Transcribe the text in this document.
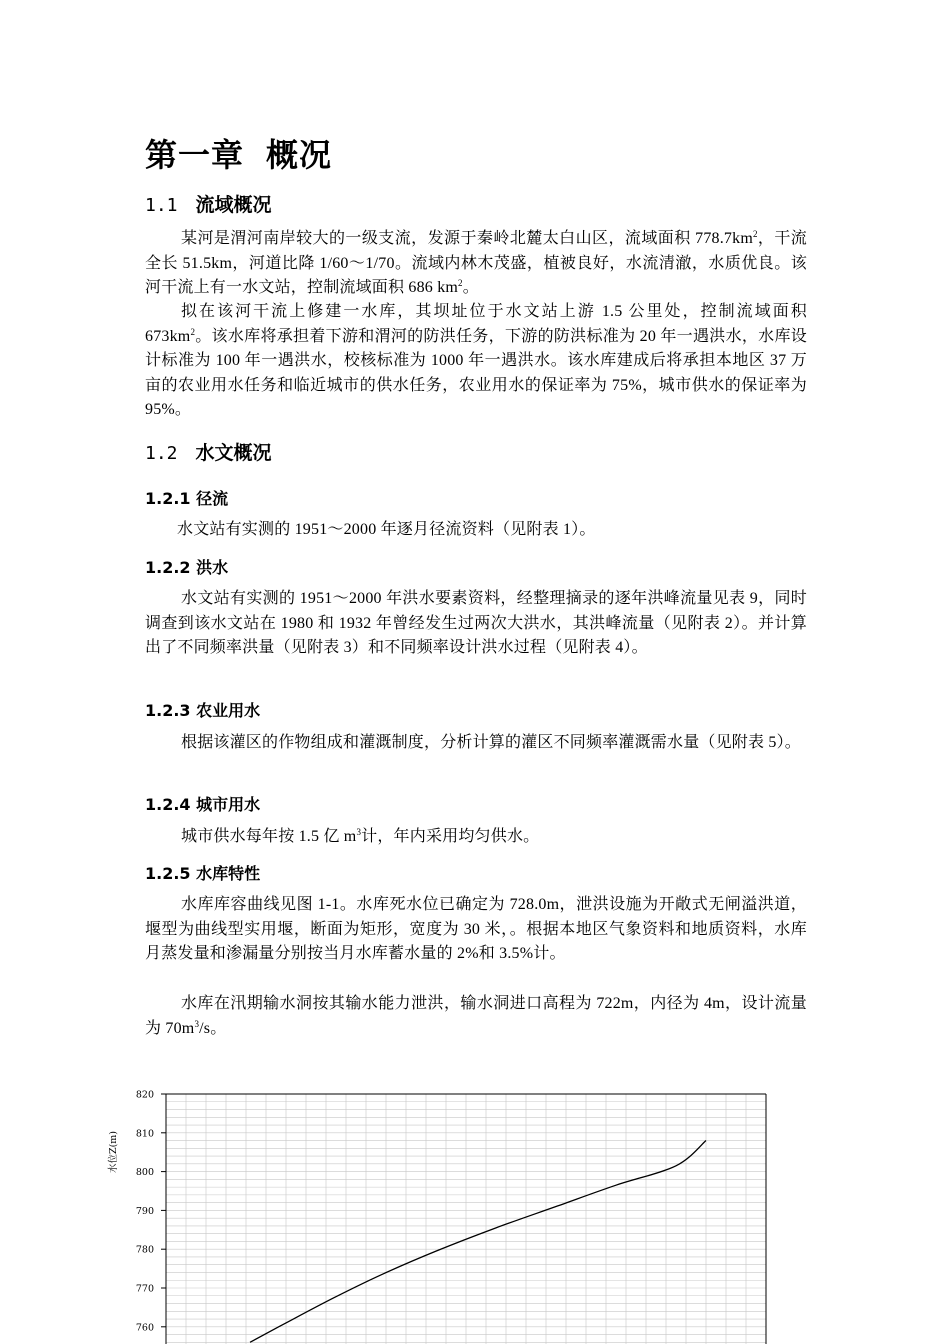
第一章 概况
1.1 流域概况

某河是渭河南岸较大的一级支流，发源于秦岭北麓太白山区，流域面积 $778.7km^2$，干流全长 51.5km，河道比降 1/60～1/70。流域内林木茂盛，植被良好，水流清澈，水质优良。该河干流上有一水文站，控制流域面积 686 $km^2$。

拟在该河干流上修建一水库，其坝址位于水文站上游 1.5 公里处，控制流域面积 $673km^2$。该水库将承担着下游和渭河的防洪任务，下游的防洪标准为 20 年一遇洪水，水库设计标准为 100 年一遇洪水，校核标准为 1000 年一遇洪水。该水库建成后将承担本地区 37 万亩的农业用水任务和临近城市的供水任务，农业用水的保证率为 75%，城市供水的保证率为 95%。

1.2 水文概况
1.2.1 径流

水文站有实测的 1951～2000 年逐月径流资料（见附表 1）。

1.2.2 洪水

水文站有实测的 1951～2000 年洪水要素资料，经整理摘录的逐年洪峰流量见表 9，同时调查到该水文站在 1980 和 1932 年曾经发生过两次大洪水，其洪峰流量（见附表 2）。并计算出了不同频率洪量（见附表 3）和不同频率设计洪水过程（见附表 4）。

1.2.3 农业用水

根据该灌区的作物组成和灌溉制度，分析计算的灌区不同频率灌溉需水量（见附表 5）。

1.2.4 城市用水

城市供水每年按 1.5 亿 $m^3$计，年内采用均匀供水。

1.2.5 水库特性

水库库容曲线见图 1-1。水库死水位已确定为 728.0m，泄洪设施为开敞式无闸溢洪道，堰型为曲线型实用堰，断面为矩形，宽度为 30 米，。根据本地区气象资料和地质资料，水库月蒸发量和渗漏量分别按当月水库蓄水量的 2%和 3.5%计。

水库在汛期输水洞按其输水能力泄洪，输水洞进口高程为 722m，内径为 4m，设计流量为 $70m^3/s$。

760
770
780
790
800
810
820
水位Z(m)
